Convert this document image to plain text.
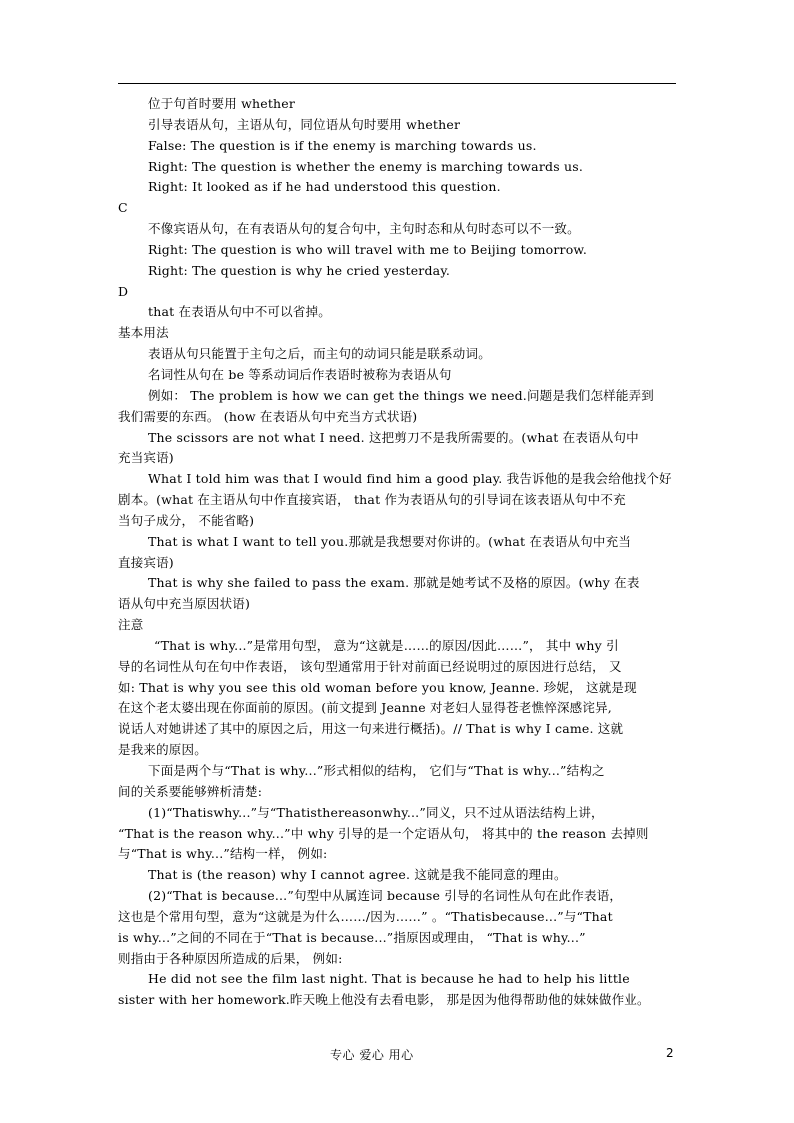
位于句首时要用 whether
引导表语从句，主语从句，同位语从句时要用 whether
False: The question is if the enemy is marching towards us.
Right: The question is whether the enemy is marching towards us.
Right: It looked as if he had understood this question.
C
不像宾语从句，在有表语从句的复合句中，主句时态和从句时态可以不一致。
Right: The question is who will travel with me to Beijing tomorrow.
Right: The question is why he cried yesterday.
D
that 在表语从句中不可以省掉。
基本用法
表语从句只能置于主句之后，而主句的动词只能是联系动词。
名词性从句在 be 等系动词后作表语时被称为表语从句
例如： The problem is how we can get the things we need.问题是我们怎样能弄到
我们需要的东西。 (how 在表语从句中充当方式状语)
The scissors are not what I need. 这把剪刀不是我所需要的。(what 在表语从句中
充当宾语)
What I told him was that I would find him a good play. 我告诉他的是我会给他找个好
剧本。(what 在主语从句中作直接宾语， that 作为表语从句的引导词在该表语从句中不充
当句子成分， 不能省略)
That is what I want to tell you.那就是我想要对你讲的。(what 在表语从句中充当
直接宾语)
That is why she failed to pass the exam. 那就是她考试不及格的原因。(why 在表
语从句中充当原因状语)
注意
“That is why...”是常用句型， 意为“这就是……的原因/因此……”， 其中 why 引
导的名词性从句在句中作表语， 该句型通常用于针对前面已经说明过的原因进行总结， 又
如: That is why you see this old woman before you know, Jeanne. 珍妮， 这就是现
在这个老太婆出现在你面前的原因。(前文提到 Jeanne 对老妇人显得苍老憔悴深感诧异,
说话人对她讲述了其中的原因之后，用这一句来进行概括)。// That is why I came. 这就
是我来的原因。
下面是两个与“That is why...”形式相似的结构， 它们与“That is why...”结构之
间的关系要能够辨析清楚:
(1)“Thatiswhy...”与“Thatisthereasonwhy...”同义，只不过从语法结构上讲，
“That is the reason why...”中 why 引导的是一个定语从句， 将其中的 the reason 去掉则
与“That is why...”结构一样， 例如:
That is (the reason) why I cannot agree. 这就是我不能同意的理由。
(2)“That is because...”句型中从属连词 because 引导的名词性从句在此作表语，
这也是个常用句型，意为“这就是为什么……/因为……” 。“Thatisbecause...”与“That
is why...”之间的不同在于“That is because...”指原因或理由， “That is why...”
则指由于各种原因所造成的后果， 例如:
He did not see the film last night. That is because he had to help his little
sister with her homework.昨天晚上他没有去看电影， 那是因为他得帮助他的妹妹做作业。
专心 爱心 用心	2
